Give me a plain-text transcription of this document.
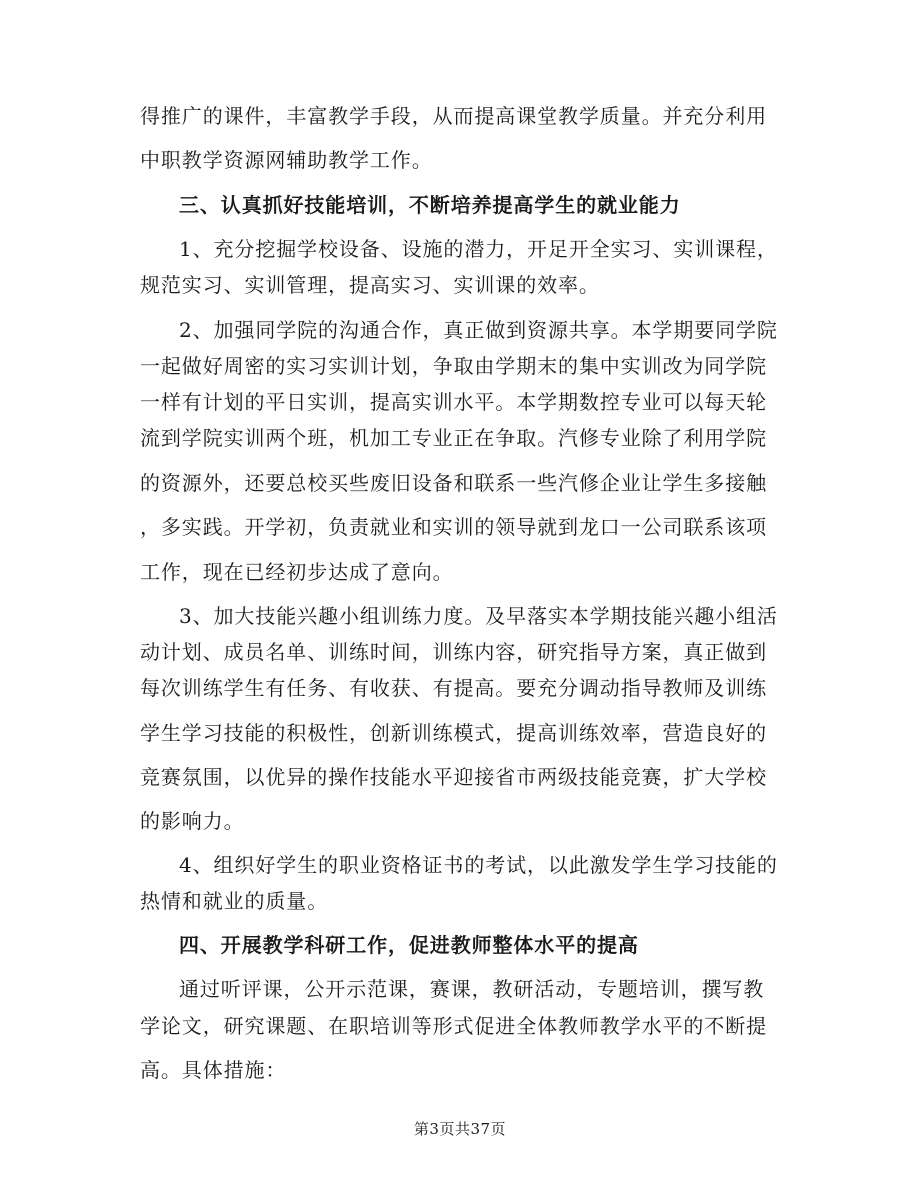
得推广的课件，丰富教学手段，从而提高课堂教学质量。并充分利用
中职教学资源网辅助教学工作。
三、认真抓好技能培训，不断培养提高学生的就业能力
1、充分挖掘学校设备、设施的潜力，开足开全实习、实训课程，
规范实习、实训管理，提高实习、实训课的效率。
2、加强同学院的沟通合作，真正做到资源共享。本学期要同学院
一起做好周密的实习实训计划，争取由学期末的集中实训改为同学院
一样有计划的平日实训，提高实训水平。本学期数控专业可以每天轮
流到学院实训两个班，机加工专业正在争取。汽修专业除了利用学院
的资源外，还要总校买些废旧设备和联系一些汽修企业让学生多接触
，多实践。开学初，负责就业和实训的领导就到龙口一公司联系该项
工作，现在已经初步达成了意向。
3、加大技能兴趣小组训练力度。及早落实本学期技能兴趣小组活
动计划、成员名单、训练时间，训练内容，研究指导方案，真正做到
每次训练学生有任务、有收获、有提高。要充分调动指导教师及训练
学生学习技能的积极性，创新训练模式，提高训练效率，营造良好的
竞赛氛围，以优异的操作技能水平迎接省市两级技能竞赛，扩大学校
的影响力。
4、组织好学生的职业资格证书的考试，以此激发学生学习技能的
热情和就业的质量。
四、开展教学科研工作，促进教师整体水平的提高
通过听评课，公开示范课，赛课，教研活动，专题培训，撰写教
学论文，研究课题、在职培训等形式促进全体教师教学水平的不断提
高。具体措施：
第3页共37页
